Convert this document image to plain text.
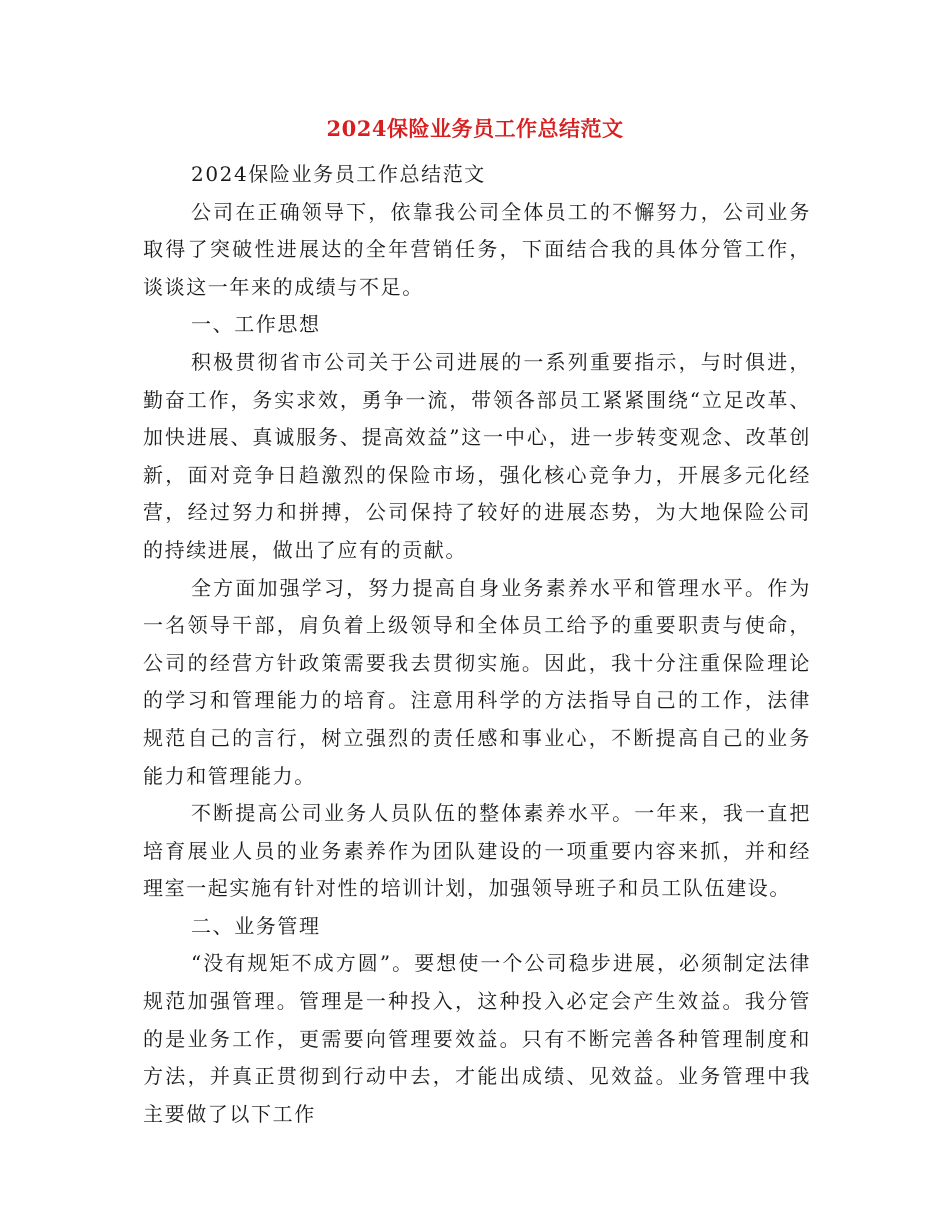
2024保险业务员工作总结范文

2024保险业务员工作总结范文

公司在正确领导下，依靠我公司全体员工的不懈努力，公司业务取得了突破性进展达的全年营销任务，下面结合我的具体分管工作，谈谈这一年来的成绩与不足。

一、工作思想

积极贯彻省市公司关于公司进展的一系列重要指示，与时俱进，勤奋工作，务实求效，勇争一流，带领各部员工紧紧围绕“立足改革、加快进展、真诚服务、提高效益”这一中心，进一步转变观念、改革创新，面对竞争日趋激烈的保险市场，强化核心竞争力，开展多元化经营，经过努力和拼搏，公司保持了较好的进展态势，为大地保险公司的持续进展，做出了应有的贡献。

全方面加强学习，努力提高自身业务素养水平和管理水平。作为一名领导干部，肩负着上级领导和全体员工给予的重要职责与使命，公司的经营方针政策需要我去贯彻实施。因此，我十分注重保险理论的学习和管理能力的培育。注意用科学的方法指导自己的工作，法律规范自己的言行，树立强烈的责任感和事业心，不断提高自己的业务能力和管理能力。

不断提高公司业务人员队伍的整体素养水平。一年来，我一直把培育展业人员的业务素养作为团队建设的一项重要内容来抓，并和经理室一起实施有针对性的培训计划，加强领导班子和员工队伍建设。

二、业务管理

“没有规矩不成方圆”。要想使一个公司稳步进展，必须制定法律规范加强管理。管理是一种投入，这种投入必定会产生效益。我分管的是业务工作，更需要向管理要效益。只有不断完善各种管理制度和方法，并真正贯彻到行动中去，才能出成绩、见效益。业务管理中我主要做了以下工作
